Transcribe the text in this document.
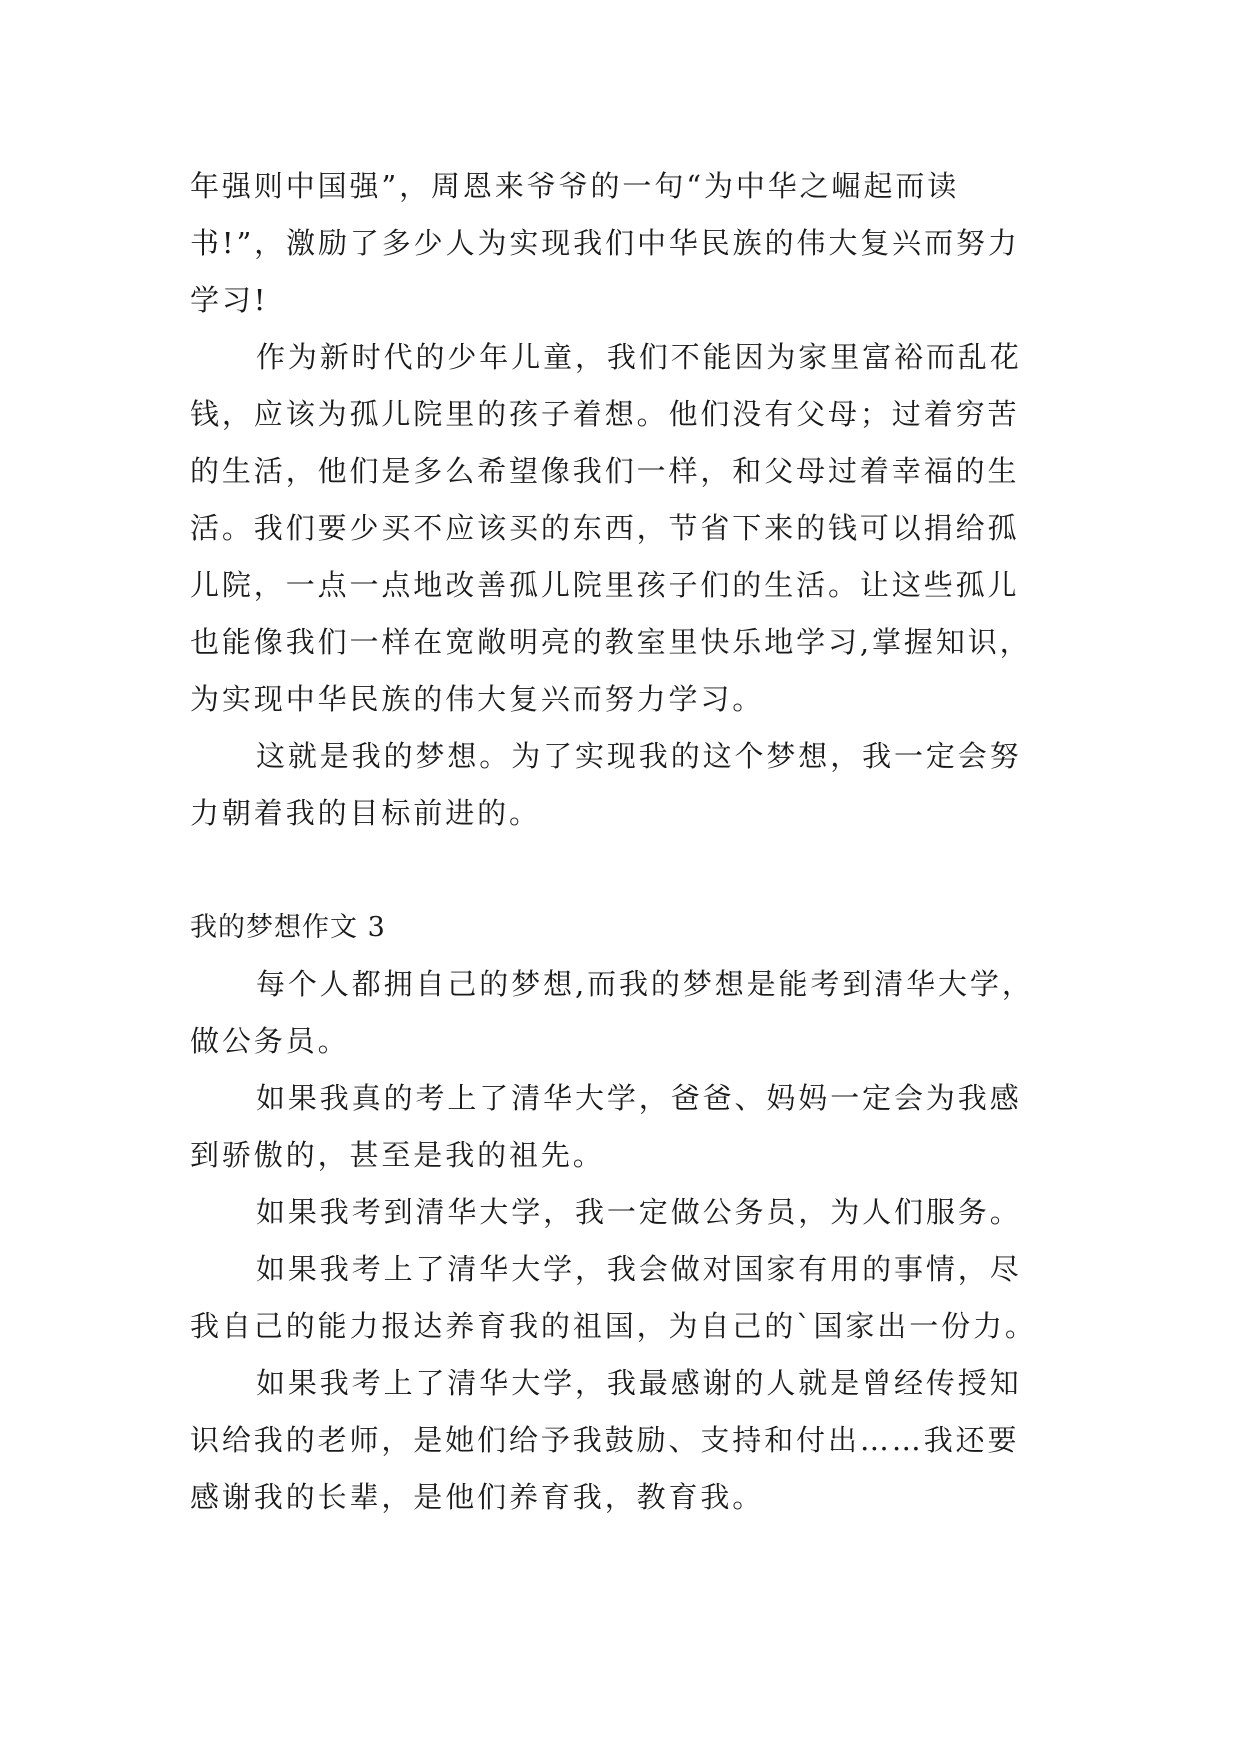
年强则中国强”，周恩来爷爷的一句“为中华之崛起而读
书!”，激励了多少人为实现我们中华民族的伟大复兴而努力
学习!
作为新时代的少年儿童，我们不能因为家里富裕而乱花
钱，应该为孤儿院里的孩子着想。他们没有父母；过着穷苦
的生活，他们是多么希望像我们一样，和父母过着幸福的生
活。我们要少买不应该买的东西，节省下来的钱可以捐给孤
儿院，一点一点地改善孤儿院里孩子们的生活。让这些孤儿
也能像我们一样在宽敞明亮的教室里快乐地学习,掌握知识，
为实现中华民族的伟大复兴而努力学习。
这就是我的梦想。为了实现我的这个梦想，我一定会努
力朝着我的目标前进的。
我的梦想作文 3
每个人都拥自己的梦想,而我的梦想是能考到清华大学，
做公务员。
如果我真的考上了清华大学，爸爸、妈妈一定会为我感
到骄傲的，甚至是我的祖先。
如果我考到清华大学，我一定做公务员，为人们服务。
如果我考上了清华大学，我会做对国家有用的事情，尽
我自己的能力报达养育我的祖国，为自己的`国家出一份力。
如果我考上了清华大学，我最感谢的人就是曾经传授知
识给我的老师，是她们给予我鼓励、支持和付出……我还要
感谢我的长辈，是他们养育我，教育我。
